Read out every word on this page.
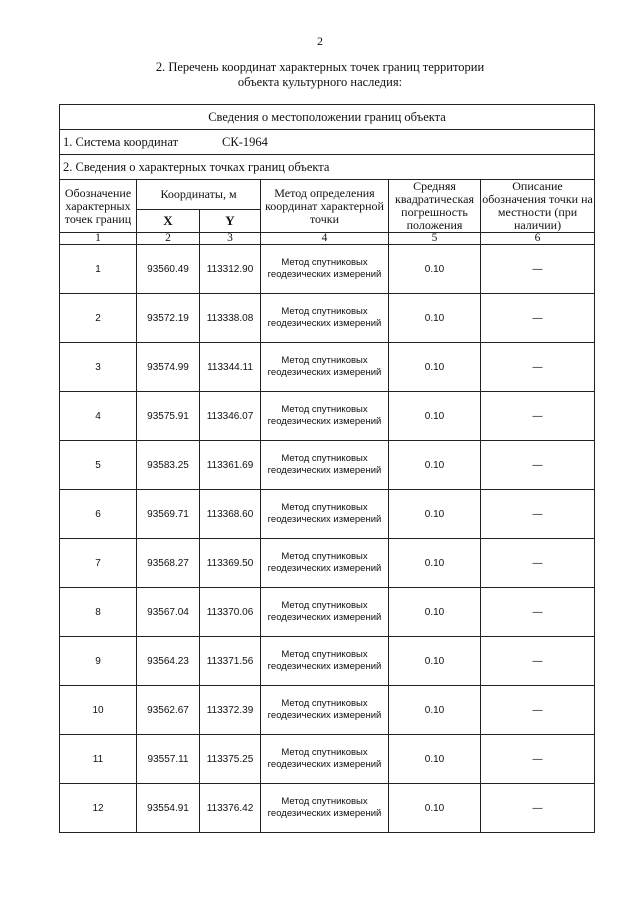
2
2. Перечень координат характерных точек границ территории
объекта культурного наследия:
Сведения о местоположении границ объекта					
1. Система координат СК-1964					
2. Сведения о характерных точках границ объекта					
Обозначение характерных точек границ	Координаты, м		Метод определения координат характерной точки	Средняя квадратическая погрешность положения	Описание обозначения точки на местности (при наличии)
	X	Y			
1	2	3	4	5	6
1	93560.49	113312.90	Метод спутниковых геодезических измерений	0.10	—
2	93572.19	113338.08	Метод спутниковых геодезических измерений	0.10	—
3	93574.99	113344.11	Метод спутниковых геодезических измерений	0.10	—
4	93575.91	113346.07	Метод спутниковых геодезических измерений	0.10	—
5	93583.25	113361.69	Метод спутниковых геодезических измерений	0.10	—
6	93569.71	113368.60	Метод спутниковых геодезических измерений	0.10	—
7	93568.27	113369.50	Метод спутниковых геодезических измерений	0.10	—
8	93567.04	113370.06	Метод спутниковых геодезических измерений	0.10	—
9	93564.23	113371.56	Метод спутниковых геодезических измерений	0.10	—
10	93562.67	113372.39	Метод спутниковых геодезических измерений	0.10	—
11	93557.11	113375.25	Метод спутниковых геодезических измерений	0.10	—
12	93554.91	113376.42	Метод спутниковых геодезических измерений	0.10	—
